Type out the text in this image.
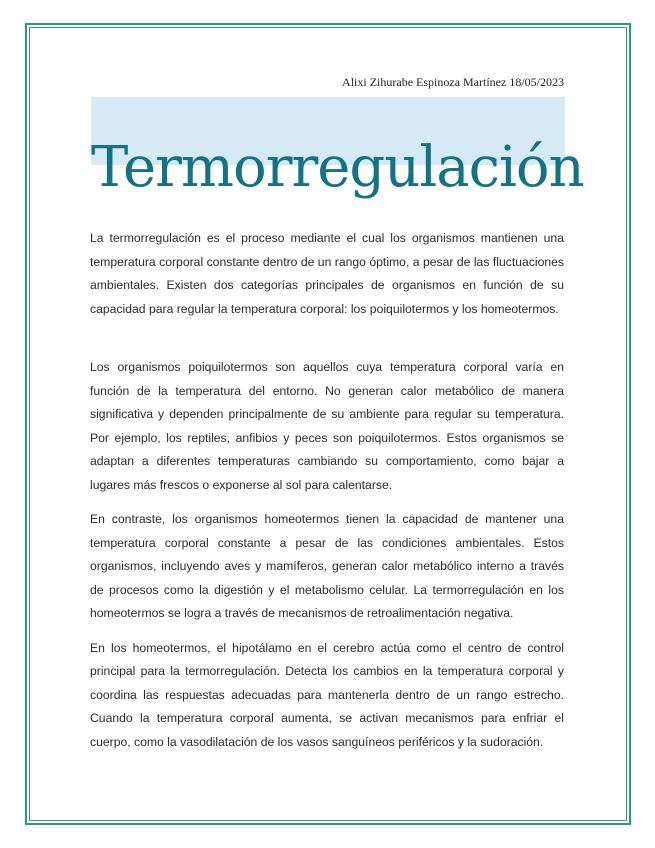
Alixi Zihurabe Espinoza Martínez 18/05/2023
Termorregulación

La termorregulación es el proceso mediante el cual los organismos mantienen una temperatura corporal constante dentro de un rango óptimo, a pesar de las fluctuaciones ambientales. Existen dos categorías principales de organismos en función de su capacidad para regular la temperatura corporal: los poiquilotermos y los homeotermos.

Los organismos poiquilotermos son aquellos cuya temperatura corporal varía en función de la temperatura del entorno. No generan calor metabólico de manera significativa y dependen principalmente de su ambiente para regular su temperatura. Por ejemplo, los reptiles, anfibios y peces son poiquilotermos. Estos organismos se adaptan a diferentes temperaturas cambiando su comportamiento, como bajar a lugares más frescos o exponerse al sol para calentarse.

En contraste, los organismos homeotermos tienen la capacidad de mantener una temperatura corporal constante a pesar de las condiciones ambientales. Estos organismos, incluyendo aves y mamíferos, generan calor metabólico interno a través de procesos como la digestión y el metabolismo celular. La termorregulación en los homeotermos se logra a través de mecanismos de retroalimentación negativa.

En los homeotermos, el hipotálamo en el cerebro actúa como el centro de control principal para la termorregulación. Detecta los cambios en la temperatura corporal y coordina las respuestas adecuadas para mantenerla dentro de un rango estrecho. Cuando la temperatura corporal aumenta, se activan mecanismos para enfriar el cuerpo, como la vasodilatación de los vasos sanguíneos periféricos y la sudoración.
